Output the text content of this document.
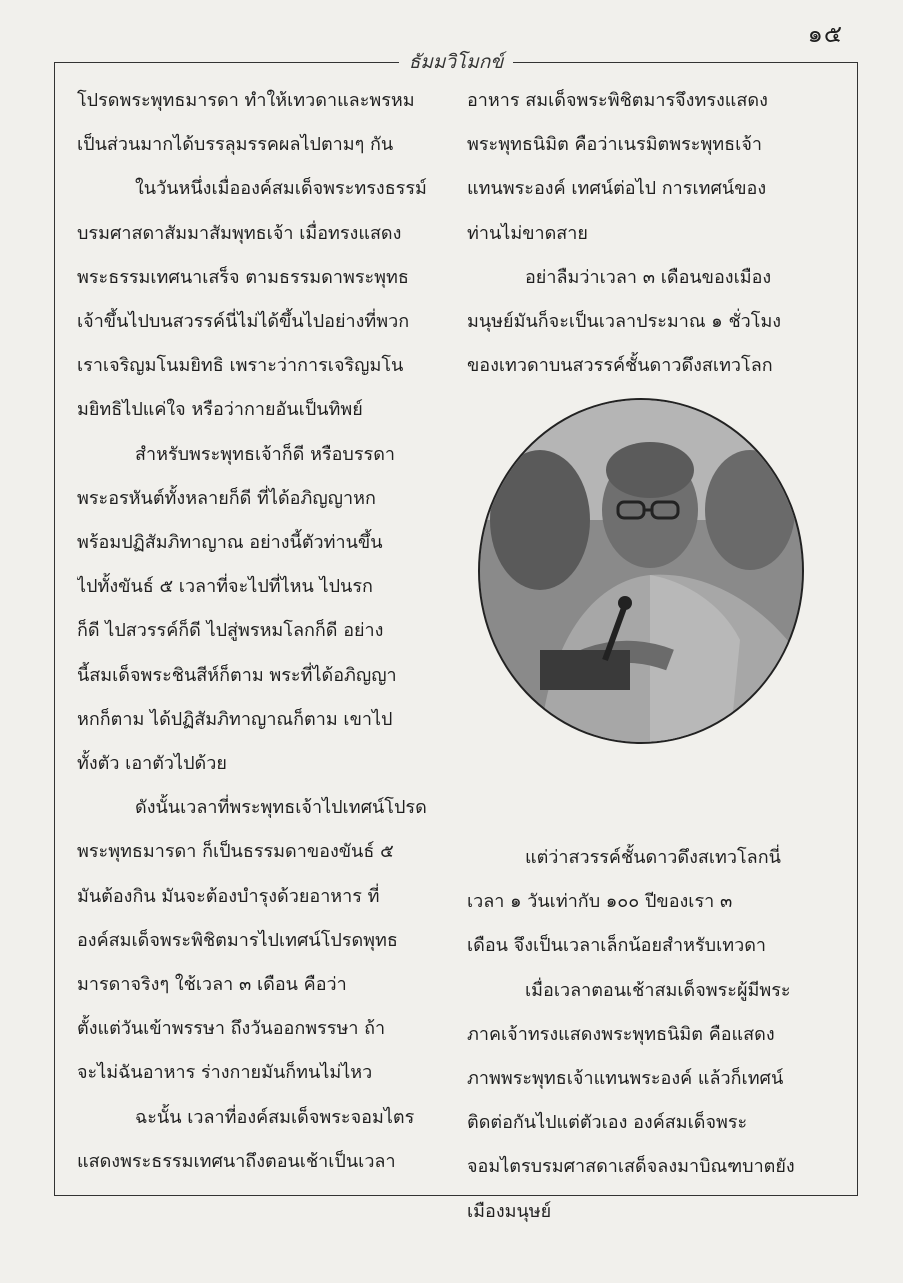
๑๕
ธัมมวิโมกข์
โปรดพระพุทธมารดา ทำให้เทวดาและพรหม
เป็นส่วนมากได้บรรลุมรรคผลไปตามๆ กัน
ในวันหนึ่งเมื่อองค์สมเด็จพระทรงธรรม์
บรมศาสดาสัมมาสัมพุทธเจ้า เมื่อทรงแสดง
พระธรรมเทศนาเสร็จ ตามธรรมดาพระพุทธ
เจ้าขึ้นไปบนสวรรค์นี่ไม่ได้ขึ้นไปอย่างที่พวก
เราเจริญมโนมยิทธิ เพราะว่าการเจริญมโน
มยิทธิไปแค่ใจ หรือว่ากายอันเป็นทิพย์
สำหรับพระพุทธเจ้าก็ดี หรือบรรดา
พระอรหันต์ทั้งหลายก็ดี ที่ได้อภิญญาหก
พร้อมปฏิสัมภิทาญาณ อย่างนี้ตัวท่านขึ้น
ไปทั้งขันธ์ ๕ เวลาที่จะไปที่ไหน ไปนรก
ก็ดี ไปสวรรค์ก็ดี ไปสู่พรหมโลกก็ดี อย่าง
นี้สมเด็จพระชินสีห์ก็ตาม พระที่ได้อภิญญา
หกก็ตาม ได้ปฏิสัมภิทาญาณก็ตาม เขาไป
ทั้งตัว เอาตัวไปด้วย
ดังนั้นเวลาที่พระพุทธเจ้าไปเทศน์โปรด
พระพุทธมารดา ก็เป็นธรรมดาของขันธ์ ๕
มันต้องกิน มันจะต้องบำรุงด้วยอาหาร ที่
องค์สมเด็จพระพิชิตมารไปเทศน์โปรดพุทธ
มารดาจริงๆ ใช้เวลา ๓ เดือน คือว่า
ตั้งแต่วันเข้าพรรษา ถึงวันออกพรรษา ถ้า
จะไม่ฉันอาหาร ร่างกายมันก็ทนไม่ไหว
ฉะนั้น เวลาที่องค์สมเด็จพระจอมไตร
แสดงพระธรรมเทศนาถึงตอนเช้าเป็นเวลา
อาหาร สมเด็จพระพิชิตมารจึงทรงแสดง
พระพุทธนิมิต คือว่าเนรมิตพระพุทธเจ้า
แทนพระองค์ เทศน์ต่อไป การเทศน์ของ
ท่านไม่ขาดสาย
อย่าลืมว่าเวลา ๓ เดือนของเมือง
มนุษย์มันก็จะเป็นเวลาประมาณ ๑ ชั่วโมง
ของเทวดาบนสวรรค์ชั้นดาวดึงสเทวโลก
แต่ว่าสวรรค์ชั้นดาวดึงสเทวโลกนี่
เวลา ๑ วันเท่ากับ ๑๐๐ ปีของเรา ๓
เดือน จึงเป็นเวลาเล็กน้อยสำหรับเทวดา
เมื่อเวลาตอนเช้าสมเด็จพระผู้มีพระ
ภาคเจ้าทรงแสดงพระพุทธนิมิต คือแสดง
ภาพพระพุทธเจ้าแทนพระองค์ แล้วก็เทศน์
ติดต่อกันไปแต่ตัวเอง องค์สมเด็จพระ
จอมไตรบรมศาสดาเสด็จลงมาบิณฑบาตยัง
เมืองมนุษย์
